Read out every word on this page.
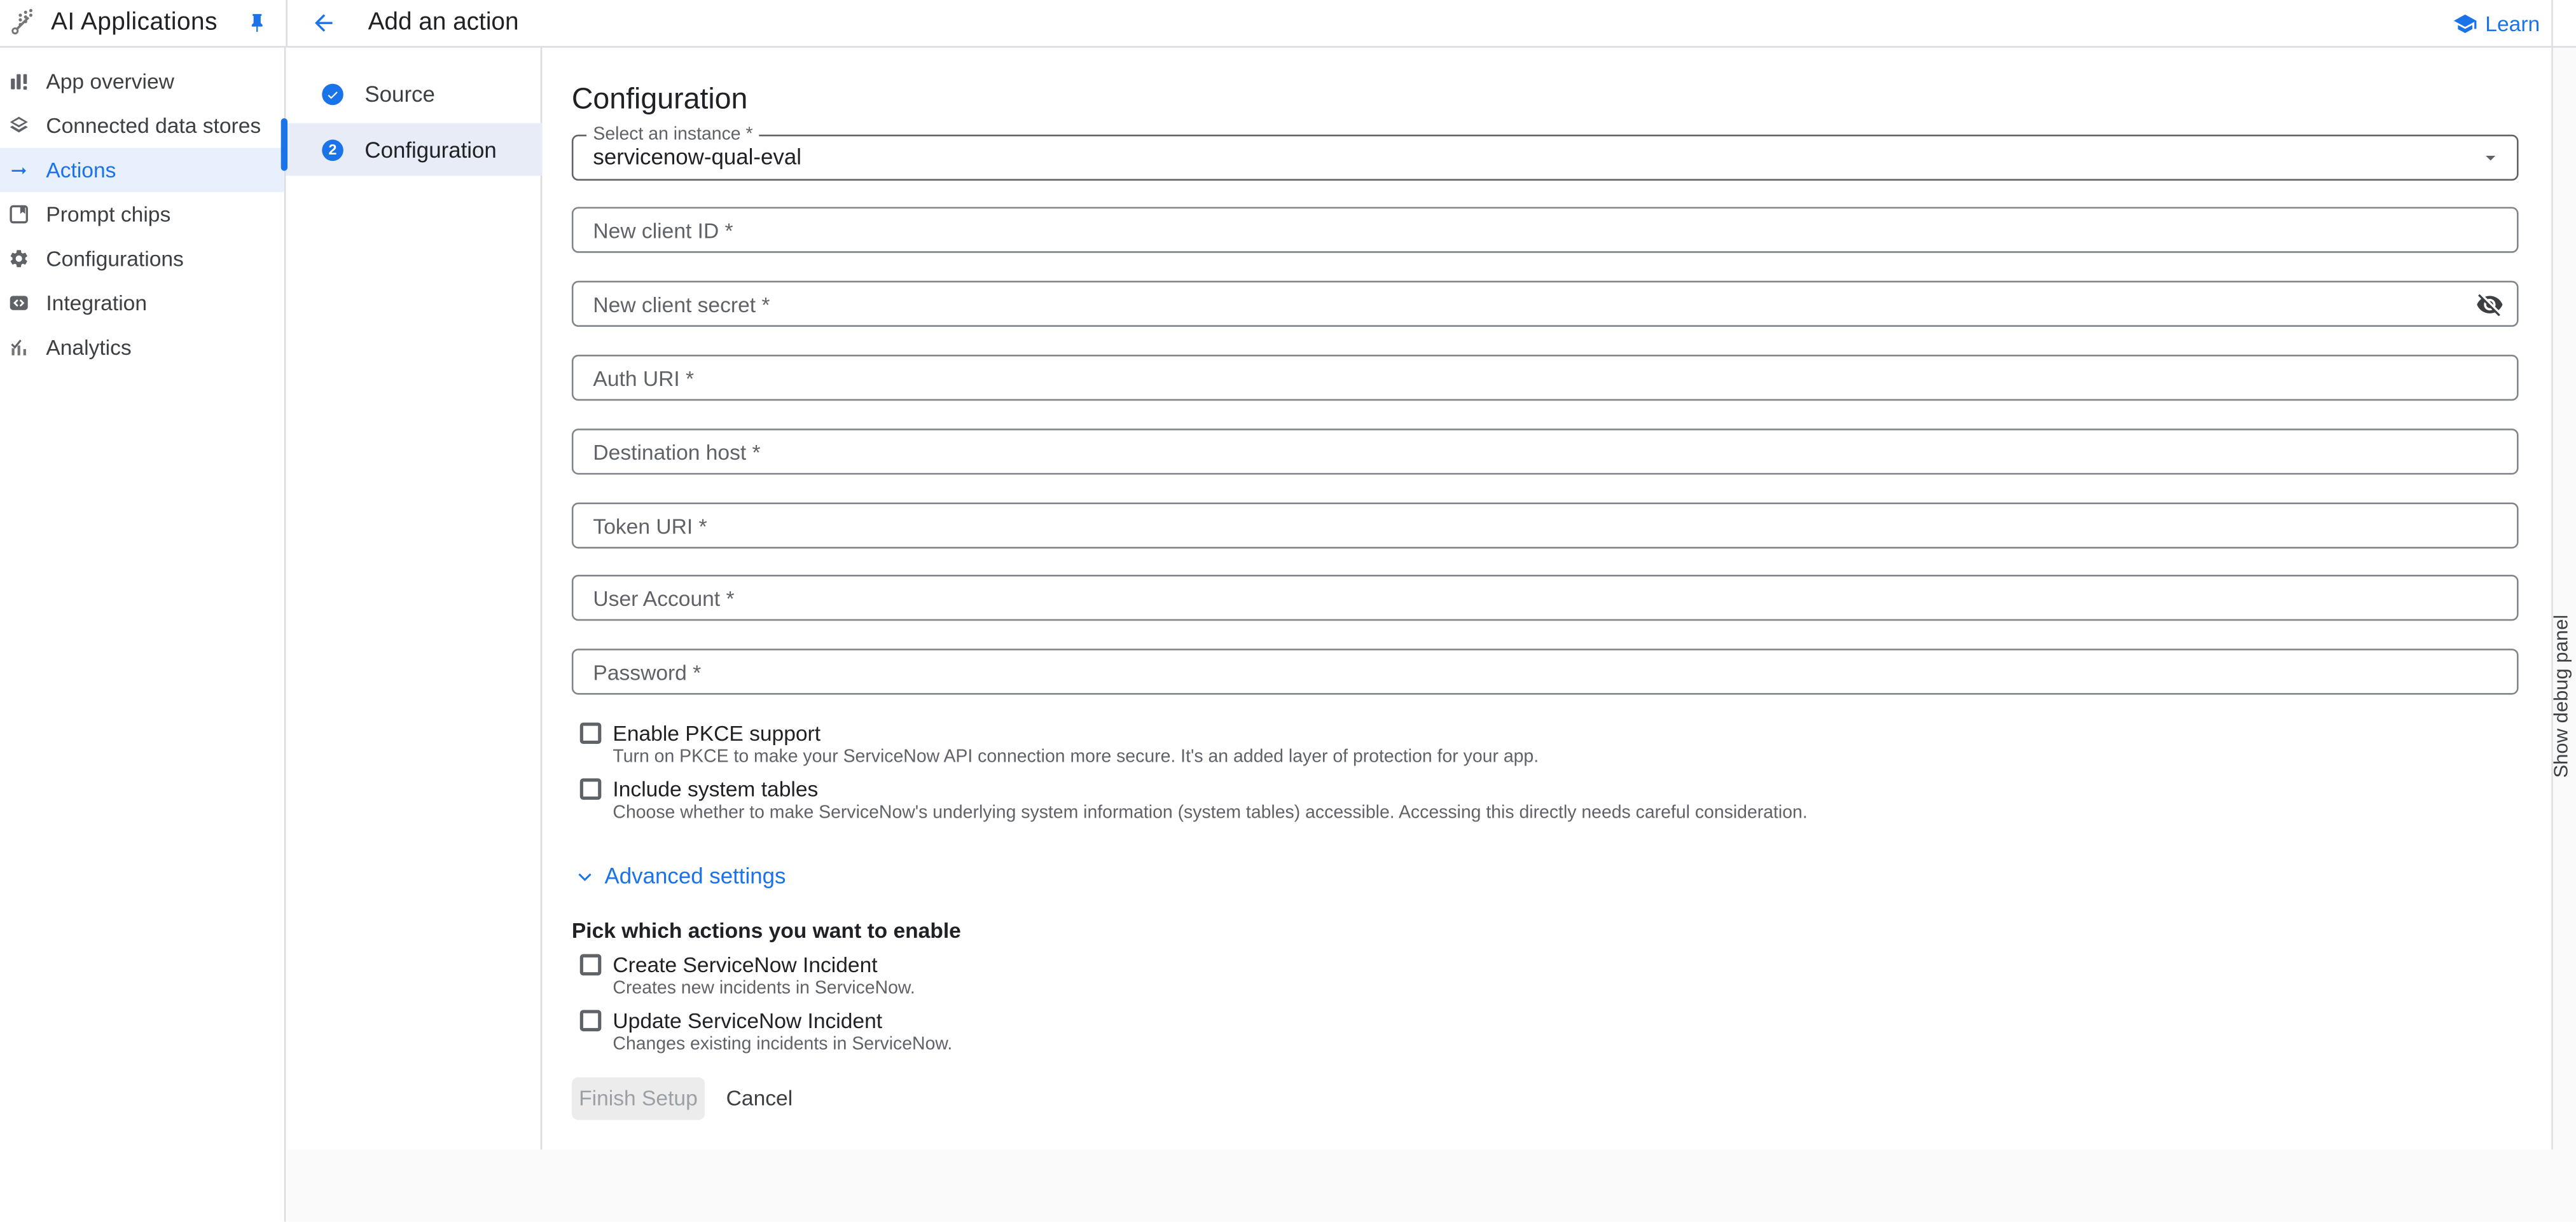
AI Applications	Add an action	Learn
App overview
Connected data stores
Actions
Prompt chips
Configurations
Integration
Analytics
Source
2	Configuration
Configuration
Select an instance *
servicenow-qual-eval
New client ID *
New client secret *
Auth URI *
Destination host *
Token URI *
User Account *
Password *
Enable PKCE support
Turn on PKCE to make your ServiceNow API connection more secure. It's an added layer of protection for your app.
Include system tables
Choose whether to make ServiceNow's underlying system information (system tables) accessible. Accessing this directly needs careful consideration.
Advanced settings
Pick which actions you want to enable
Create ServiceNow Incident
Creates new incidents in ServiceNow.
Update ServiceNow Incident
Changes existing incidents in ServiceNow.
Finish Setup	Cancel
Show debug panel
